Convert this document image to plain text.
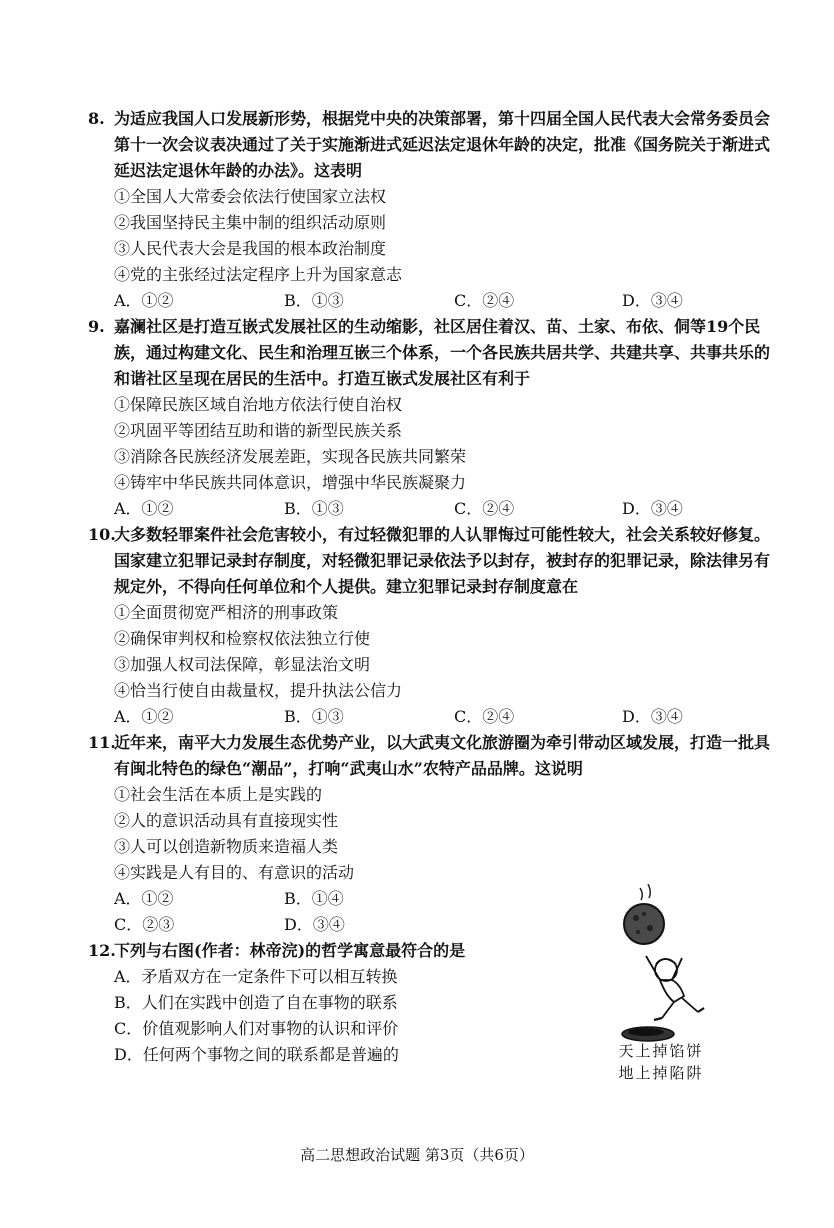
8. 为适应我国人口发展新形势，根据党中央的决策部署，第十四届全国人民代表大会常务委员会第十一次会议表决通过了关于实施渐进式延迟法定退休年龄的决定，批准《国务院关于渐进式延迟法定退休年龄的办法》。这表明
①全国人大常委会依法行使国家立法权
②我国坚持民主集中制的组织活动原则
③人民代表大会是我国的根本政治制度
④党的主张经过法定程序上升为国家意志
A．①②	B．①③	C．②④	D．③④
9. 嘉澜社区是打造互嵌式发展社区的生动缩影，社区居住着汉、苗、土家、布依、侗等19个民族，通过构建文化、民生和治理互嵌三个体系，一个各民族共居共学、共建共享、共事共乐的和谐社区呈现在居民的生活中。打造互嵌式发展社区有利于
①保障民族区域自治地方依法行使自治权
②巩固平等团结互助和谐的新型民族关系
③消除各民族经济发展差距，实现各民族共同繁荣
④铸牢中华民族共同体意识，增强中华民族凝聚力
A．①②	B．①③	C．②④	D．③④
10.
大多数轻罪案件社会危害较小，有过轻微犯罪的人认罪悔过可能性较大，社会关系较好修复。国家建立犯罪记录封存制度，对轻微犯罪记录依法予以封存，被封存的犯罪记录，除法律另有规定外，不得向任何单位和个人提供。建立犯罪记录封存制度意在
①全面贯彻宽严相济的刑事政策
②确保审判权和检察权依法独立行使
③加强人权司法保障，彰显法治文明
④恰当行使自由裁量权，提升执法公信力
A．①②	B．①③	C．②④	D．③④
11.
近年来，南平大力发展生态优势产业，以大武夷文化旅游圈为牵引带动区域发展，打造一批具有闽北特色的绿色“潮品”，打响“武夷山水”农特产品品牌。这说明
①社会生活在本质上是实践的
②人的意识活动具有直接现实性
③人可以创造新物质来造福人类
④实践是人有目的、有意识的活动
A．①②	B．①④
C．②③	D．③④
12.
下列与右图(作者：林帝浣)的哲学寓意最符合的是
A．矛盾双方在一定条件下可以相互转换
B．人们在实践中创造了自在事物的联系
C．价值观影响人们对事物的认识和评价
D．任何两个事物之间的联系都是普遍的	天上掉馅饼
地上掉陷阱
高二思想政治试题 第3页（共6页）
